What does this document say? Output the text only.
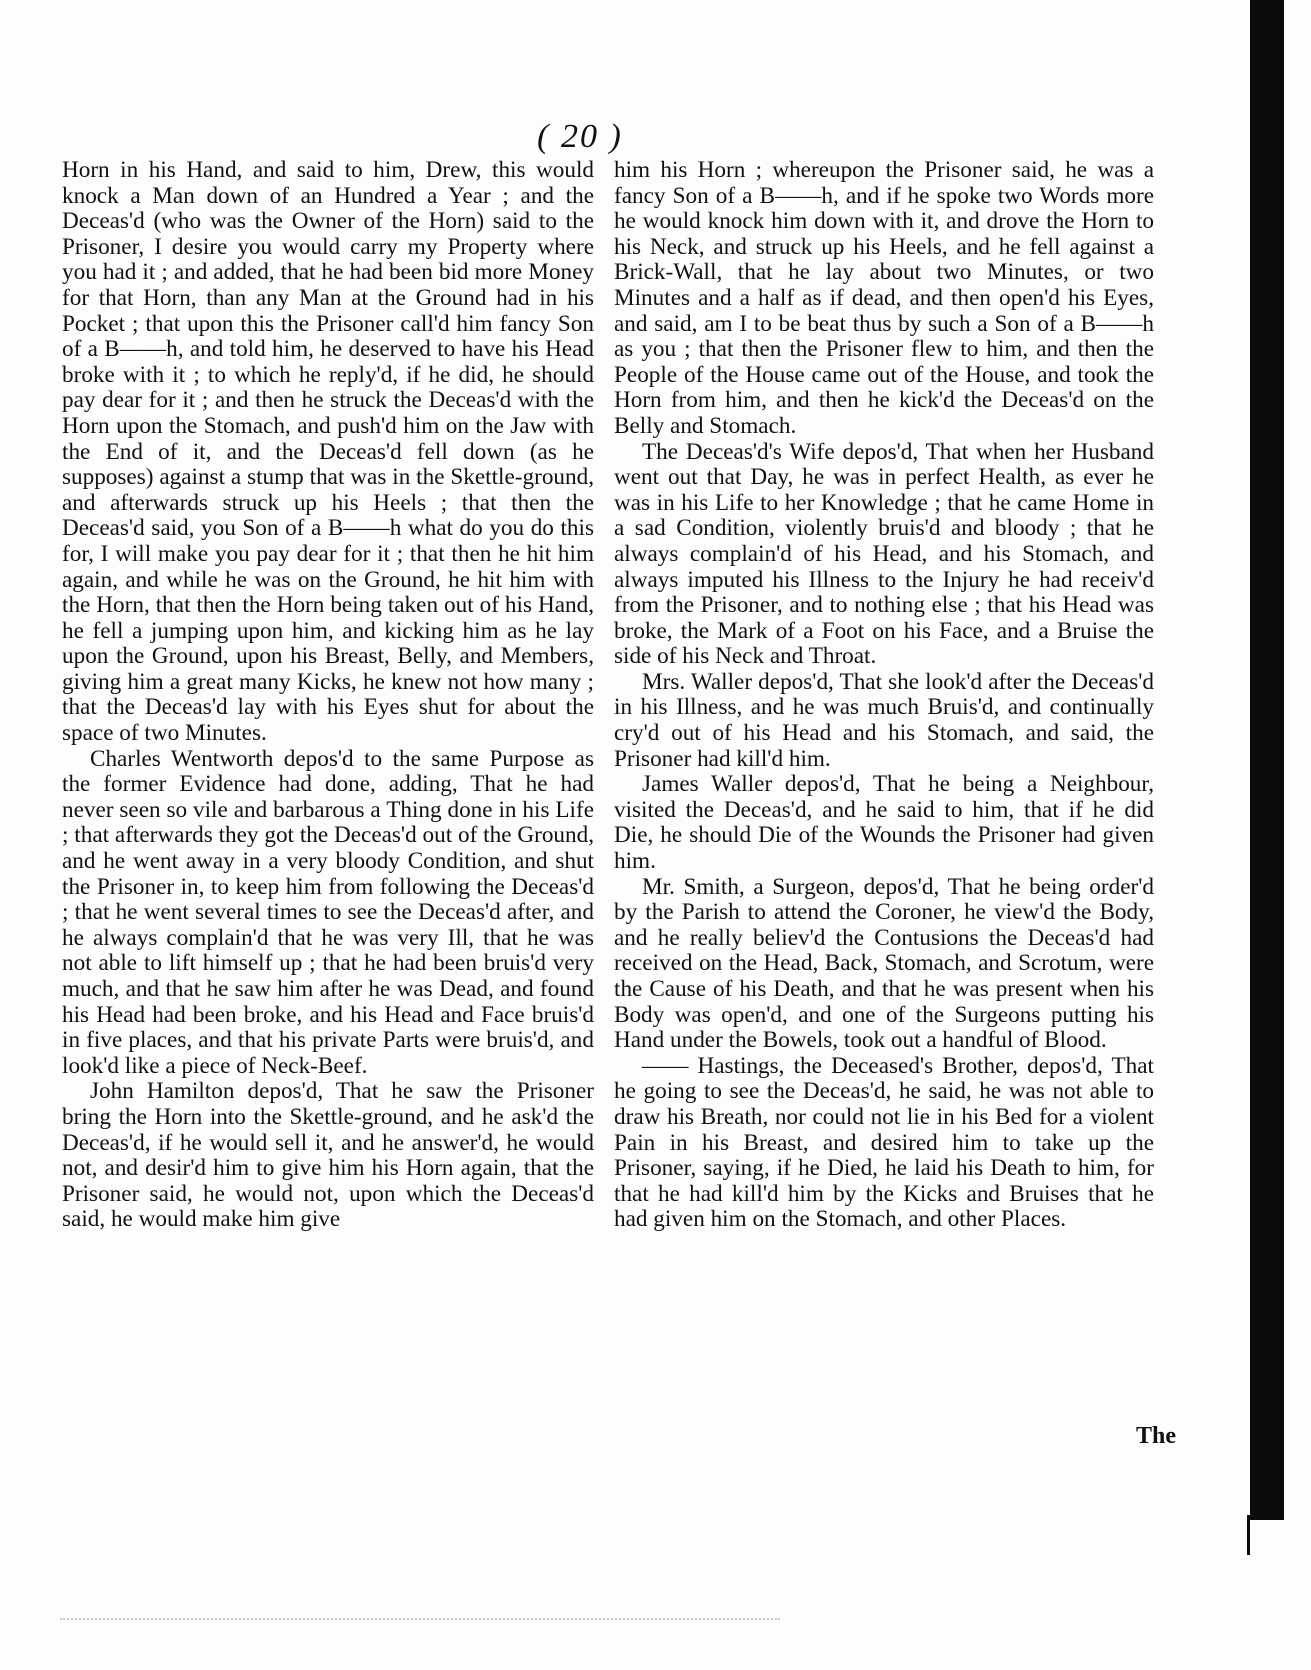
( 20 )

Horn in his Hand, and said to him, Drew, this would knock a Man down of an Hundred a Year ; and the Deceas'd (who was the Owner of the Horn) said to the Prisoner, I desire you would carry my Property where you had it ; and added, that he had been bid more Money for that Horn, than any Man at the Ground had in his Pocket ; that upon this the Prisoner call'd him fancy Son of a B——h, and told him, he deserved to have his Head broke with it ; to which he reply'd, if he did, he should pay dear for it ; and then he struck the Deceas'd with the Horn upon the Stomach, and push'd him on the Jaw with the End of it, and the Deceas'd fell down (as he supposes) against a stump that was in the Skettle-ground, and afterwards struck up his Heels ; that then the Deceas'd said, you Son of a B——h what do you do this for, I will make you pay dear for it ; that then he hit him again, and while he was on the Ground, he hit him with the Horn, that then the Horn being taken out of his Hand, he fell a jumping upon him, and kicking him as he lay upon the Ground, upon his Breast, Belly, and Members, giving him a great many Kicks, he knew not how many ; that the Deceas'd lay with his Eyes shut for about the space of two Minutes.

Charles Wentworth depos'd to the same Purpose as the former Evidence had done, adding, That he had never seen so vile and barbarous a Thing done in his Life ; that afterwards they got the Deceas'd out of the Ground, and he went away in a very bloody Condition, and shut the Prisoner in, to keep him from following the Deceas'd ; that he went several times to see the Deceas'd after, and he always complain'd that he was very Ill, that he was not able to lift himself up ; that he had been bruis'd very much, and that he saw him after he was Dead, and found his Head had been broke, and his Head and Face bruis'd in five places, and that his private Parts were bruis'd, and look'd like a piece of Neck-Beef.

John Hamilton depos'd, That he saw the Prisoner bring the Horn into the Skettle-ground, and he ask'd the Deceas'd, if he would sell it, and he answer'd, he would not, and desir'd him to give him his Horn again, that the Prisoner said, he would not, upon which the Deceas'd said, he would make him give

him his Horn ; whereupon the Prisoner said, he was a fancy Son of a B——h, and if he spoke two Words more he would knock him down with it, and drove the Horn to his Neck, and struck up his Heels, and he fell against a Brick-Wall, that he lay about two Minutes, or two Minutes and a half as if dead, and then open'd his Eyes, and said, am I to be beat thus by such a Son of a B——h as you ; that then the Prisoner flew to him, and then the People of the House came out of the House, and took the Horn from him, and then he kick'd the Deceas'd on the Belly and Stomach.

The Deceas'd's Wife depos'd, That when her Husband went out that Day, he was in perfect Health, as ever he was in his Life to her Knowledge ; that he came Home in a sad Condition, violently bruis'd and bloody ; that he always complain'd of his Head, and his Stomach, and always imputed his Illness to the Injury he had receiv'd from the Prisoner, and to nothing else ; that his Head was broke, the Mark of a Foot on his Face, and a Bruise the side of his Neck and Throat.

Mrs. Waller depos'd, That she look'd after the Deceas'd in his Illness, and he was much Bruis'd, and continually cry'd out of his Head and his Stomach, and said, the Prisoner had kill'd him.

James Waller depos'd, That he being a Neighbour, visited the Deceas'd, and he said to him, that if he did Die, he should Die of the Wounds the Prisoner had given him.

Mr. Smith, a Surgeon, depos'd, That he being order'd by the Parish to attend the Coroner, he view'd the Body, and he really believ'd the Contusions the Deceas'd had received on the Head, Back, Stomach, and Scrotum, were the Cause of his Death, and that he was present when his Body was open'd, and one of the Surgeons putting his Hand under the Bowels, took out a handful of Blood.

—— Hastings, the Deceased's Brother, depos'd, That he going to see the Deceas'd, he said, he was not able to draw his Breath, nor could not lie in his Bed for a violent Pain in his Breast, and desired him to take up the Prisoner, saying, if he Died, he laid his Death to him, for that he had kill'd him by the Kicks and Bruises that he had given him on the Stomach, and other Places.

The
